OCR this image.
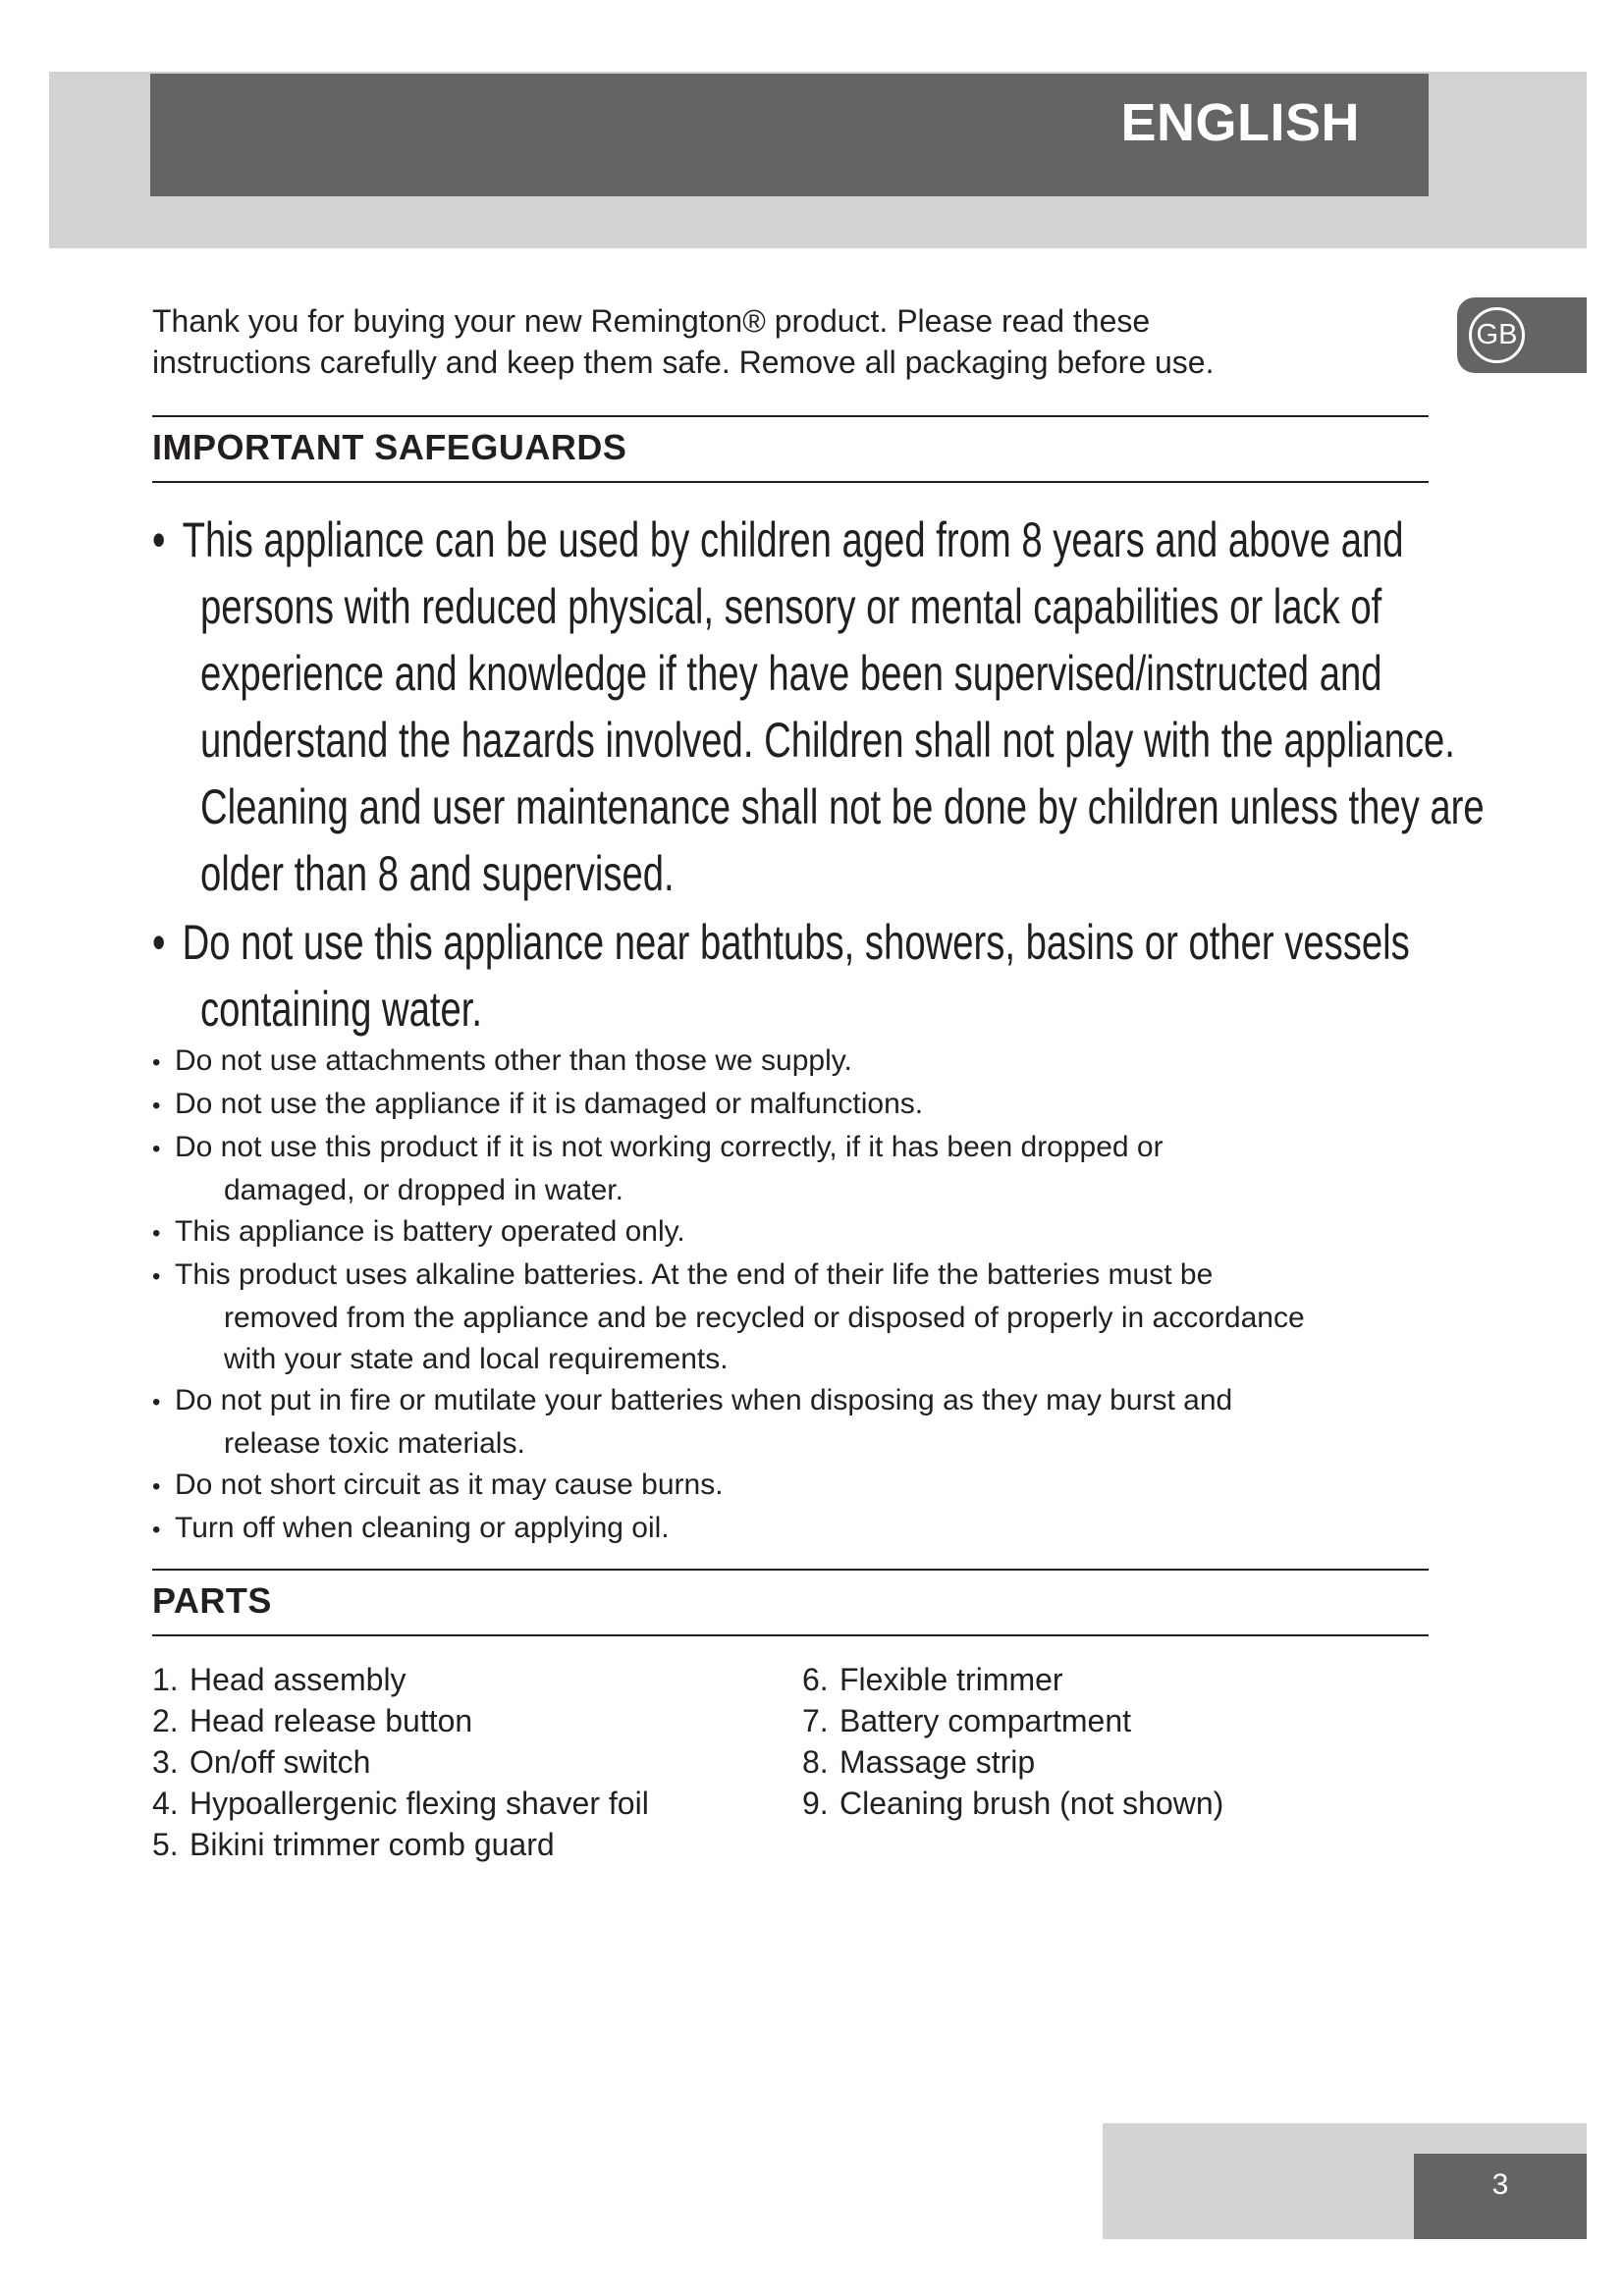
ENGLISH
GB

Thank you for buying your new Remington® product. Please read these

instructions carefully and keep them safe. Remove all packaging before use.

IMPORTANT SAFEGUARDS
• This appliance can be used by children aged from 8 years and above and
persons with reduced physical, sensory or mental capabilities or lack of
experience and knowledge if they have been supervised/instructed and
understand the hazards involved. Children shall not play with the appliance.
Cleaning and user maintenance shall not be done by children unless they are
older than 8 and supervised.
• Do not use this appliance near bathtubs, showers, basins or other vessels
containing water.
• Do not use attachments other than those we supply.
• Do not use the appliance if it is damaged or malfunctions.
• Do not use this product if it is not working correctly, if it has been dropped or
damaged, or dropped in water.
• This appliance is battery operated only.
• This product uses alkaline batteries. At the end of their life the batteries must be
removed from the appliance and be recycled or disposed of properly in accordance
with your state and local requirements.
• Do not put in fire or mutilate your batteries when disposing as they may burst and
release toxic materials.
• Do not short circuit as it may cause burns.
• Turn off when cleaning or applying oil.
PARTS
1. Head assembly
2. Head release button
3. On/off switch
4. Hypoallergenic flexing shaver foil
5. Bikini trimmer comb guard
6. Flexible trimmer
7. Battery compartment
8. Massage strip
9. Cleaning brush (not shown)
3
